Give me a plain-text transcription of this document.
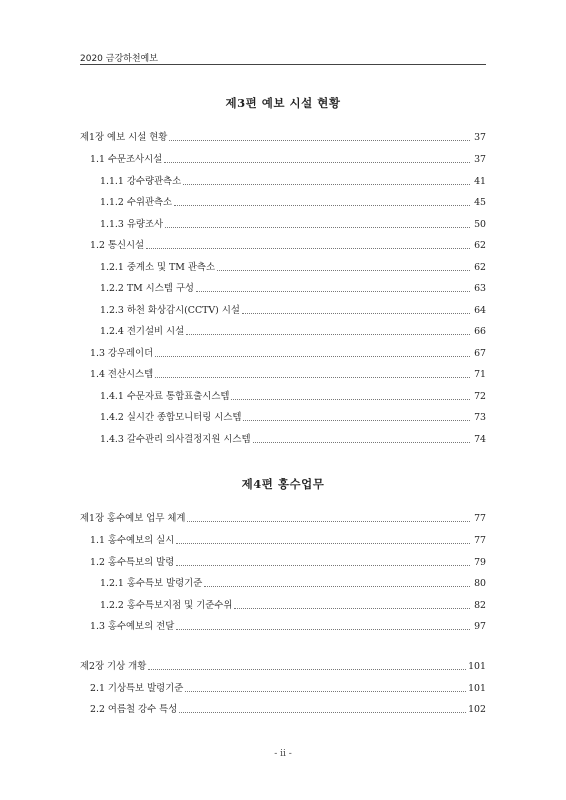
2020 금강하천예보
제3편 예보 시설 현황
제1장 예보 시설 현황	37
1.1 수문조사시설	37
1.1.1 강수량관측소	41
1.1.2 수위관측소	45
1.1.3 유량조사	50
1.2 통신시설	62
1.2.1 중계소 및 TM 관측소	62
1.2.2 TM 시스템 구성	63
1.2.3 하천 화상감시(CCTV) 시설	64
1.2.4 전기설비 시설	66
1.3 강우레이더	67
1.4 전산시스템	71
1.4.1 수문자료 통합표출시스템	72
1.4.2 실시간 종합모니터링 시스템	73
1.4.3 갈수관리 의사결정지원 시스템	74
제4편 홍수업무
제1장 홍수예보 업무 체계	77
1.1 홍수예보의 실시	77
1.2 홍수특보의 발령	79
1.2.1 홍수특보 발령기준	80
1.2.2 홍수특보지점 및 기준수위	82
1.3 홍수예보의 전달	97
제2장 기상 개황	101
2.1 기상특보 발령기준	101
2.2 여름철 강수 특성	102
- ii -
